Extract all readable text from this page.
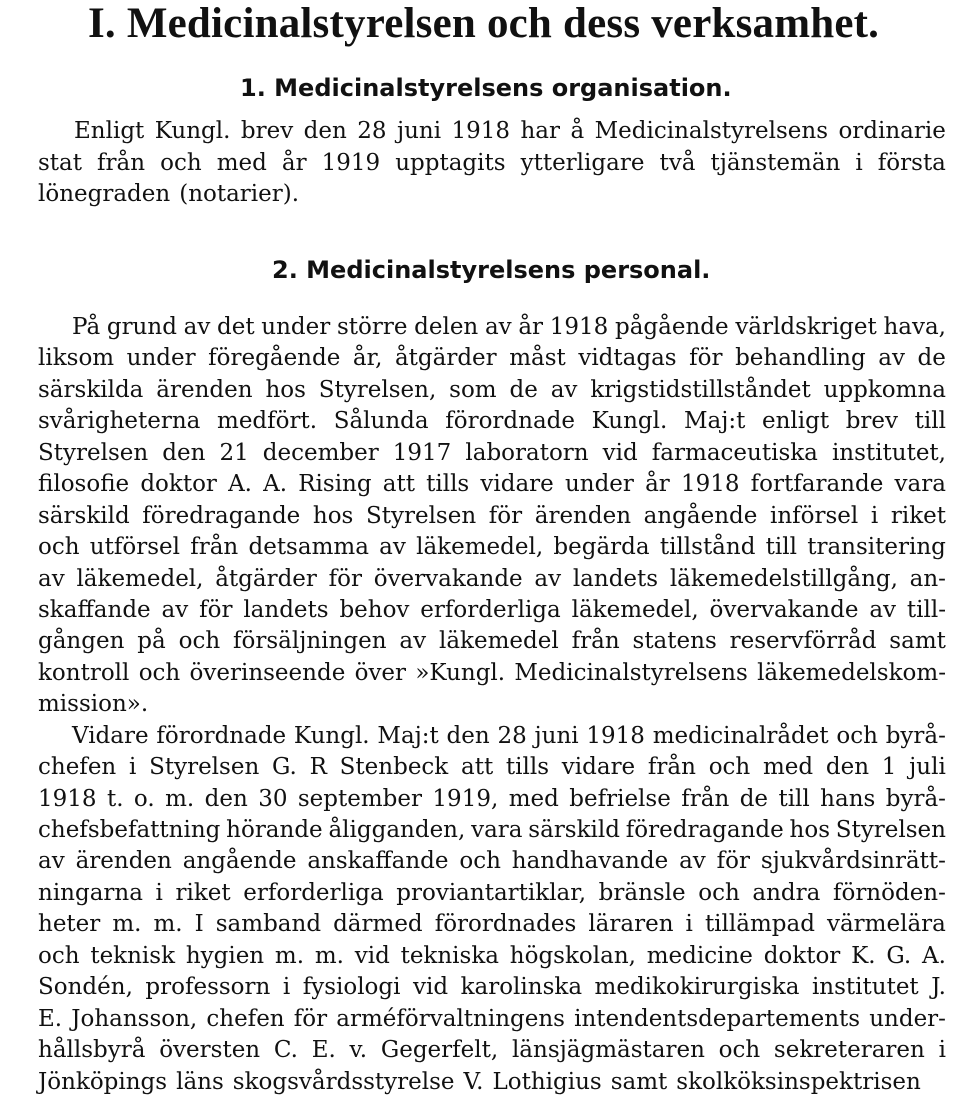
I. Medicinalstyrelsen och dess verksamhet.
1. Medicinalstyrelsens organisation.
Enligt Kungl. brev den 28 juni 1918 har å Medicinalstyrelsens ordinarie
stat från och med år 1919 upptagits ytterligare två tjänstemän i första
lönegraden (notarier).
2. Medicinalstyrelsens personal.
På grund av det under större delen av år 1918 pågående världskriget hava,
liksom under föregående år, åtgärder måst vidtagas för behandling av de
särskilda ärenden hos Styrelsen, som de av krigstidstillståndet uppkomna
svårigheterna medfört. Sålunda förordnade Kungl. Maj:t enligt brev till
Styrelsen den 21 december 1917 laboratorn vid farmaceutiska institutet,
filosofie doktor A. A. Rising att tills vidare under år 1918 fortfarande vara
särskild föredragande hos Styrelsen för ärenden angående införsel i riket
och utförsel från detsamma av läkemedel, begärda tillstånd till transitering
av läkemedel, åtgärder för övervakande av landets läkemedelstillgång, an-
skaffande av för landets behov erforderliga läkemedel, övervakande av till-
gången på och försäljningen av läkemedel från statens reservförråd samt
kontroll och överinseende över »Kungl. Medicinalstyrelsens läkemedelskom-
mission».
Vidare förordnade Kungl. Maj:t den 28 juni 1918 medicinalrådet och byrå-
chefen i Styrelsen G. R Stenbeck att tills vidare från och med den 1 juli
1918 t. o. m. den 30 september 1919, med befrielse från de till hans byrå-
chefsbefattning hörande åligganden, vara särskild föredragande hos Styrelsen
av ärenden angående anskaffande och handhavande av för sjukvårdsinrätt-
ningarna i riket erforderliga proviantartiklar, bränsle och andra förnöden-
heter m. m. I samband därmed förordnades läraren i tillämpad värmelära
och teknisk hygien m. m. vid tekniska högskolan, medicine doktor K. G. A.
Sondén, professorn i fysiologi vid karolinska medikokirurgiska institutet J.
E. Johansson, chefen för arméförvaltningens intendentsdepartements under-
hållsbyrå översten C. E. v. Gegerfelt, länsjägmästaren och sekreteraren i
Jönköpings läns skogsvårdsstyrelse V. Lothigius samt skolköksinspektrisen
